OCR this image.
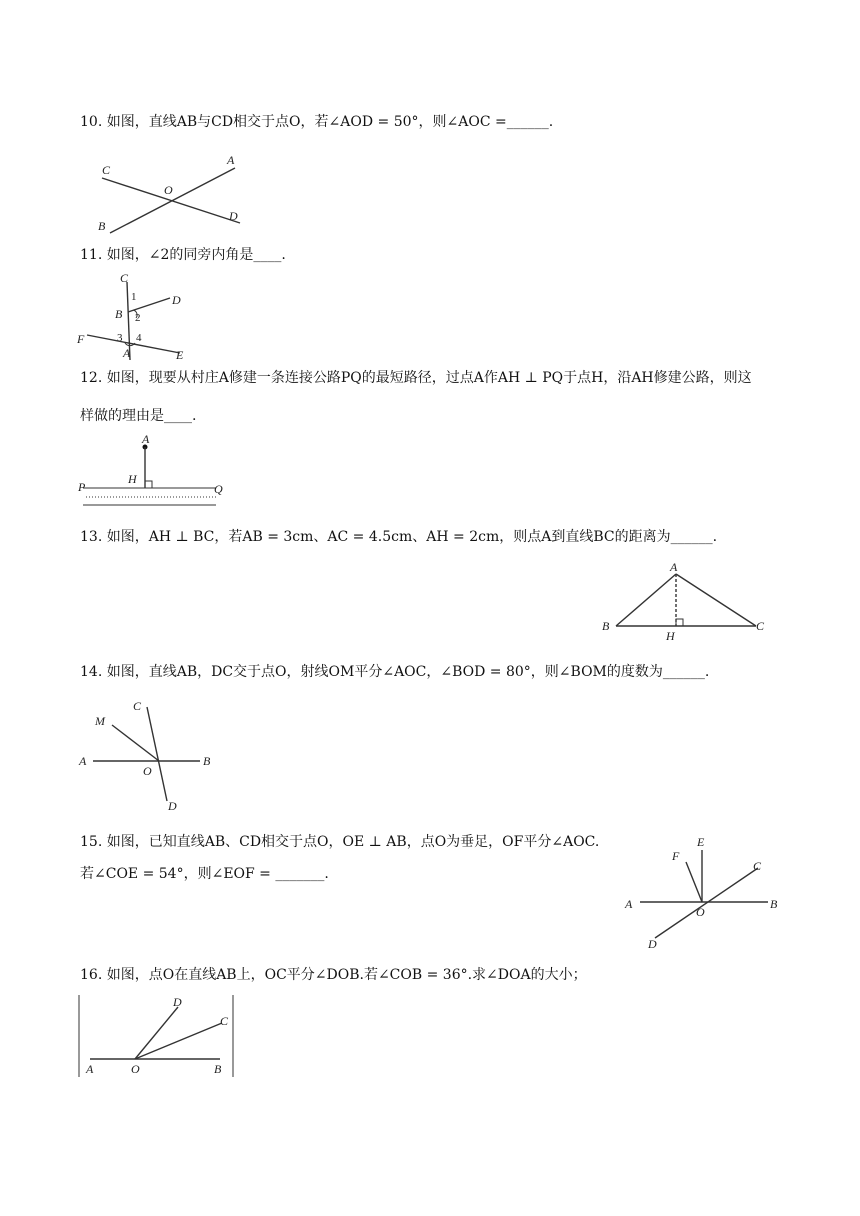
10. 如图，直线AB与CD相交于点O，若∠AOD = 50°，则∠AOC =______.
C
A
O
B
D
11. 如图，∠2的同旁内角是____.
C
1	D
B 2
3 4
F
A	E
12. 如图，现要从村庄A修建一条连接公路PQ的最短路径，过点A作AH ⊥ PQ于点H，沿AH修建公路，则这
样做的理由是____.
A
H
P	Q
13. 如图，AH ⊥ BC，若AB = 3cm、AC = 4.5cm、AH = 2cm，则点A到直线BC的距离为______.
A
B	C
H
14. 如图，直线AB，DC交于点O，射线OM平分∠AOC，∠BOD = 80°，则∠BOM的度数为______.
M
C
A
O
B
D
15. 如图，已知直线AB、CD相交于点O，OE ⊥ AB，点O为垂足，OF平分∠AOC.
若∠COE = 54°，则∠EOF = _______.
F
E
C
A
O
B
D
16. 如图，点O在直线AB上，OC平分∠DOB.若∠COB = 36°.求∠DOA的大小；
D
C
A	O	B
